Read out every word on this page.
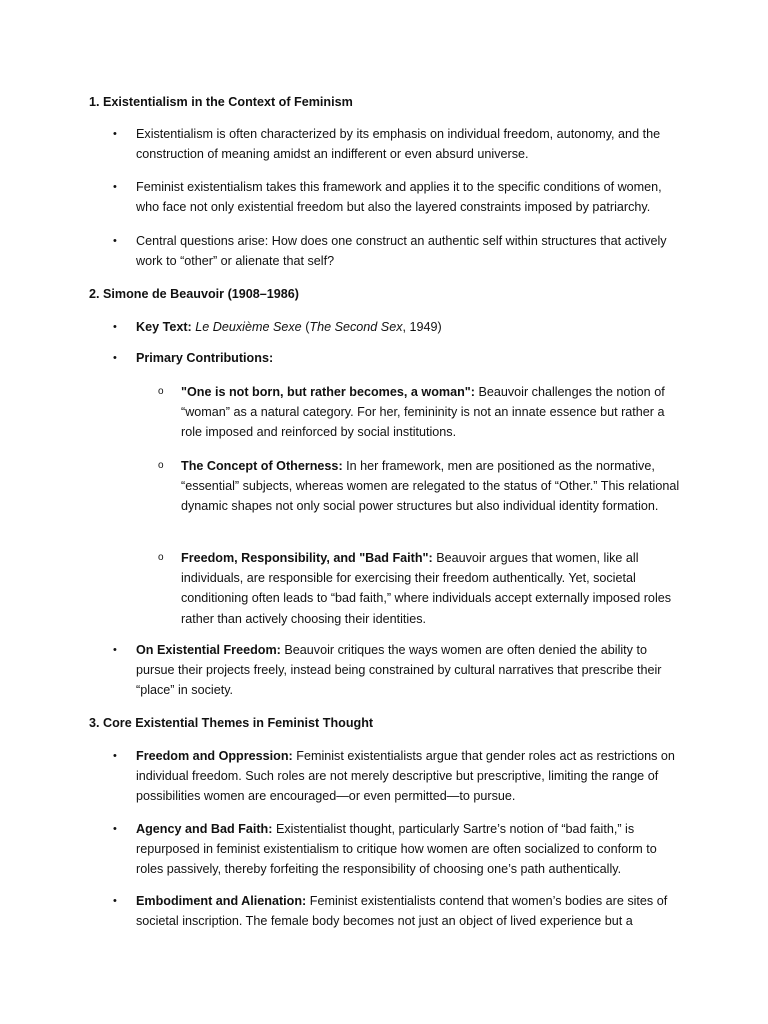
1. Existentialism in the Context of Feminism
• Existentialism is often characterized by its emphasis on individual freedom, autonomy, and the construction of meaning amidst an indifferent or even absurd universe.
• Feminist existentialism takes this framework and applies it to the specific conditions of women, who face not only existential freedom but also the layered constraints imposed by patriarchy.
• Central questions arise: How does one construct an authentic self within structures that actively work to “other” or alienate that self?
2. Simone de Beauvoir (1908–1986)
• Key Text: Le Deuxième Sexe (The Second Sex, 1949)
• Primary Contributions:
o "One is not born, but rather becomes, a woman": Beauvoir challenges the notion of “woman” as a natural category. For her, femininity is not an innate essence but rather a role imposed and reinforced by social institutions.
o The Concept of Otherness: In her framework, men are positioned as the normative, “essential” subjects, whereas women are relegated to the status of “Other.” This relational dynamic shapes not only social power structures but also individual identity formation.
o Freedom, Responsibility, and "Bad Faith": Beauvoir argues that women, like all individuals, are responsible for exercising their freedom authentically. Yet, societal conditioning often leads to “bad faith,” where individuals accept externally imposed roles rather than actively choosing their identities.
• On Existential Freedom: Beauvoir critiques the ways women are often denied the ability to pursue their projects freely, instead being constrained by cultural narratives that prescribe their “place” in society.
3. Core Existential Themes in Feminist Thought
• Freedom and Oppression: Feminist existentialists argue that gender roles act as restrictions on individual freedom. Such roles are not merely descriptive but prescriptive, limiting the range of possibilities women are encouraged—or even permitted—to pursue.
• Agency and Bad Faith: Existentialist thought, particularly Sartre’s notion of “bad faith,” is repurposed in feminist existentialism to critique how women are often socialized to conform to roles passively, thereby forfeiting the responsibility of choosing one’s path authentically.
• Embodiment and Alienation: Feminist existentialists contend that women’s bodies are sites of societal inscription. The female body becomes not just an object of lived experience but a
